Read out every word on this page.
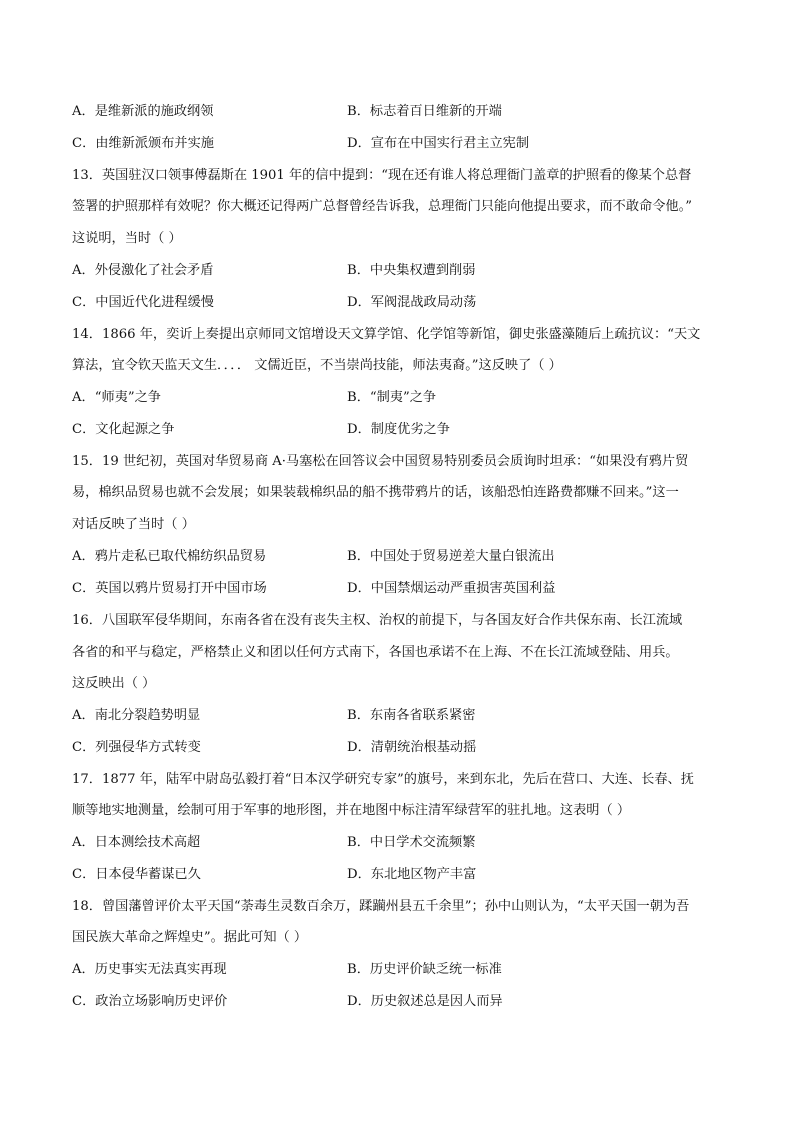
A．是维新派的施政纲领	B．标志着百日维新的开端
C．由维新派颁布并实施	D．宣布在中国实行君主立宪制
13．英国驻汉口领事傅磊斯在 1901 年的信中提到：“现在还有谁人将总理衙门盖章的护照看的像某个总督
签署的护照那样有效呢？你大概还记得两广总督曾经告诉我，总理衙门只能向他提出要求，而不敢命令他。”
这说明，当时（ ）
A．外侵激化了社会矛盾	B．中央集权遭到削弱
C．中国近代化进程缓慢	D．军阀混战政局动荡
14．1866 年，奕䜣上奏提出京师同文馆增设天文算学馆、化学馆等新馆，御史张盛藻随后上疏抗议：“天文
算法，宜令钦天监天文生．．．． 文儒近臣，不当崇尚技能，师法夷裔。”这反映了（ ）
A．“师夷”之争	B．“制夷”之争
C．文化起源之争	D．制度优劣之争
15．19 世纪初，英国对华贸易商 A·马塞松在回答议会中国贸易特别委员会质询时坦承：“如果没有鸦片贸
易，棉织品贸易也就不会发展；如果装载棉织品的船不携带鸦片的话，该船恐怕连路费都赚不回来。”这一
对话反映了当时（ ）
A．鸦片走私已取代棉纺织品贸易	B．中国处于贸易逆差大量白银流出
C．英国以鸦片贸易打开中国市场	D．中国禁烟运动严重损害英国利益
16．八国联军侵华期间，东南各省在没有丧失主权、治权的前提下，与各国友好合作共保东南、长江流域
各省的和平与稳定，严格禁止义和团以任何方式南下，各国也承诺不在上海、不在长江流域登陆、用兵。
这反映出（ ）
A．南北分裂趋势明显	B．东南各省联系紧密
C．列强侵华方式转变	D．清朝统治根基动摇
17．1877 年，陆军中尉岛弘毅打着“日本汉学研究专家”的旗号，来到东北，先后在营口、大连、长春、抚
顺等地实地测量，绘制可用于军事的地形图，并在地图中标注清军绿营军的驻扎地。这表明（ ）
A．日本测绘技术高超	B．中日学术交流频繁
C．日本侵华蓄谋已久	D．东北地区物产丰富
18．曾国藩曾评价太平天国“荼毒生灵数百余万，蹂躏州县五千余里”；孙中山则认为，“太平天国一朝为吾
国民族大革命之辉煌史”。据此可知（ ）
A．历史事实无法真实再现	B．历史评价缺乏统一标准
C．政治立场影响历史评价	D．历史叙述总是因人而异
